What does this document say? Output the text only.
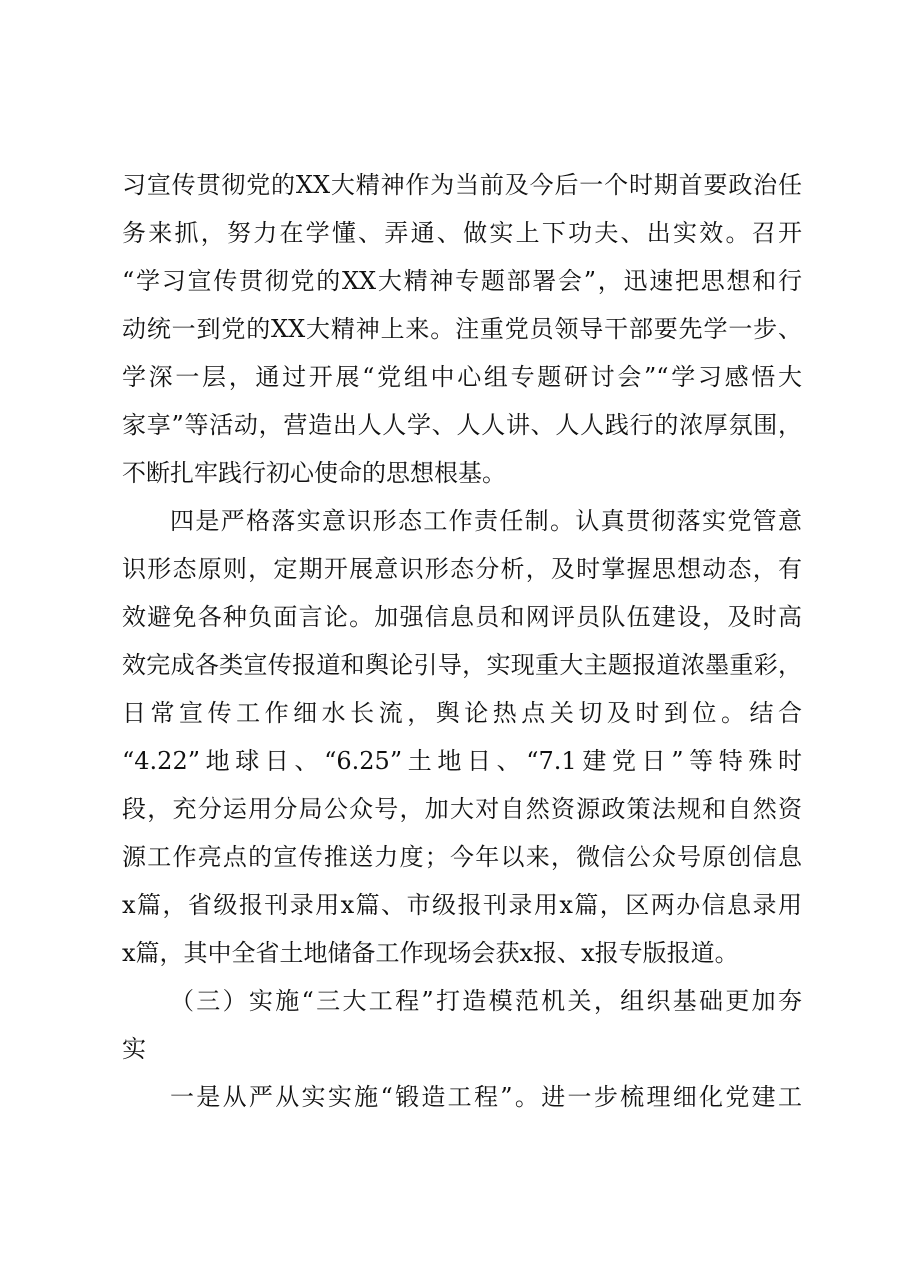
习宣传贯彻党的XX大精神作为当前及今后一个时期首要政治任
务来抓，努力在学懂、弄通、做实上下功夫、出实效。召开
“学习宣传贯彻党的XX大精神专题部署会”，迅速把思想和行
动统一到党的XX大精神上来。注重党员领导干部要先学一步、
学深一层，通过开展“党组中心组专题研讨会”“学习感悟大
家享”等活动，营造出人人学、人人讲、人人践行的浓厚氛围，
不断扎牢践行初心使命的思想根基。
四是严格落实意识形态工作责任制。认真贯彻落实党管意
识形态原则，定期开展意识形态分析，及时掌握思想动态，有
效避免各种负面言论。加强信息员和网评员队伍建设，及时高
效完成各类宣传报道和舆论引导，实现重大主题报道浓墨重彩，
日常宣传工作细水长流，舆论热点关切及时到位。结合
“4.22”地球日、“6.25”土地日、“7.1建党日”等特殊时
段，充分运用分局公众号，加大对自然资源政策法规和自然资
源工作亮点的宣传推送力度；今年以来，微信公众号原创信息
x篇，省级报刊录用x篇、市级报刊录用x篇，区两办信息录用
x篇，其中全省土地储备工作现场会获x报、x报专版报道。
（三）实施“三大工程”打造模范机关，组织基础更加夯
实
一是从严从实实施“锻造工程”。进一步梳理细化党建工
